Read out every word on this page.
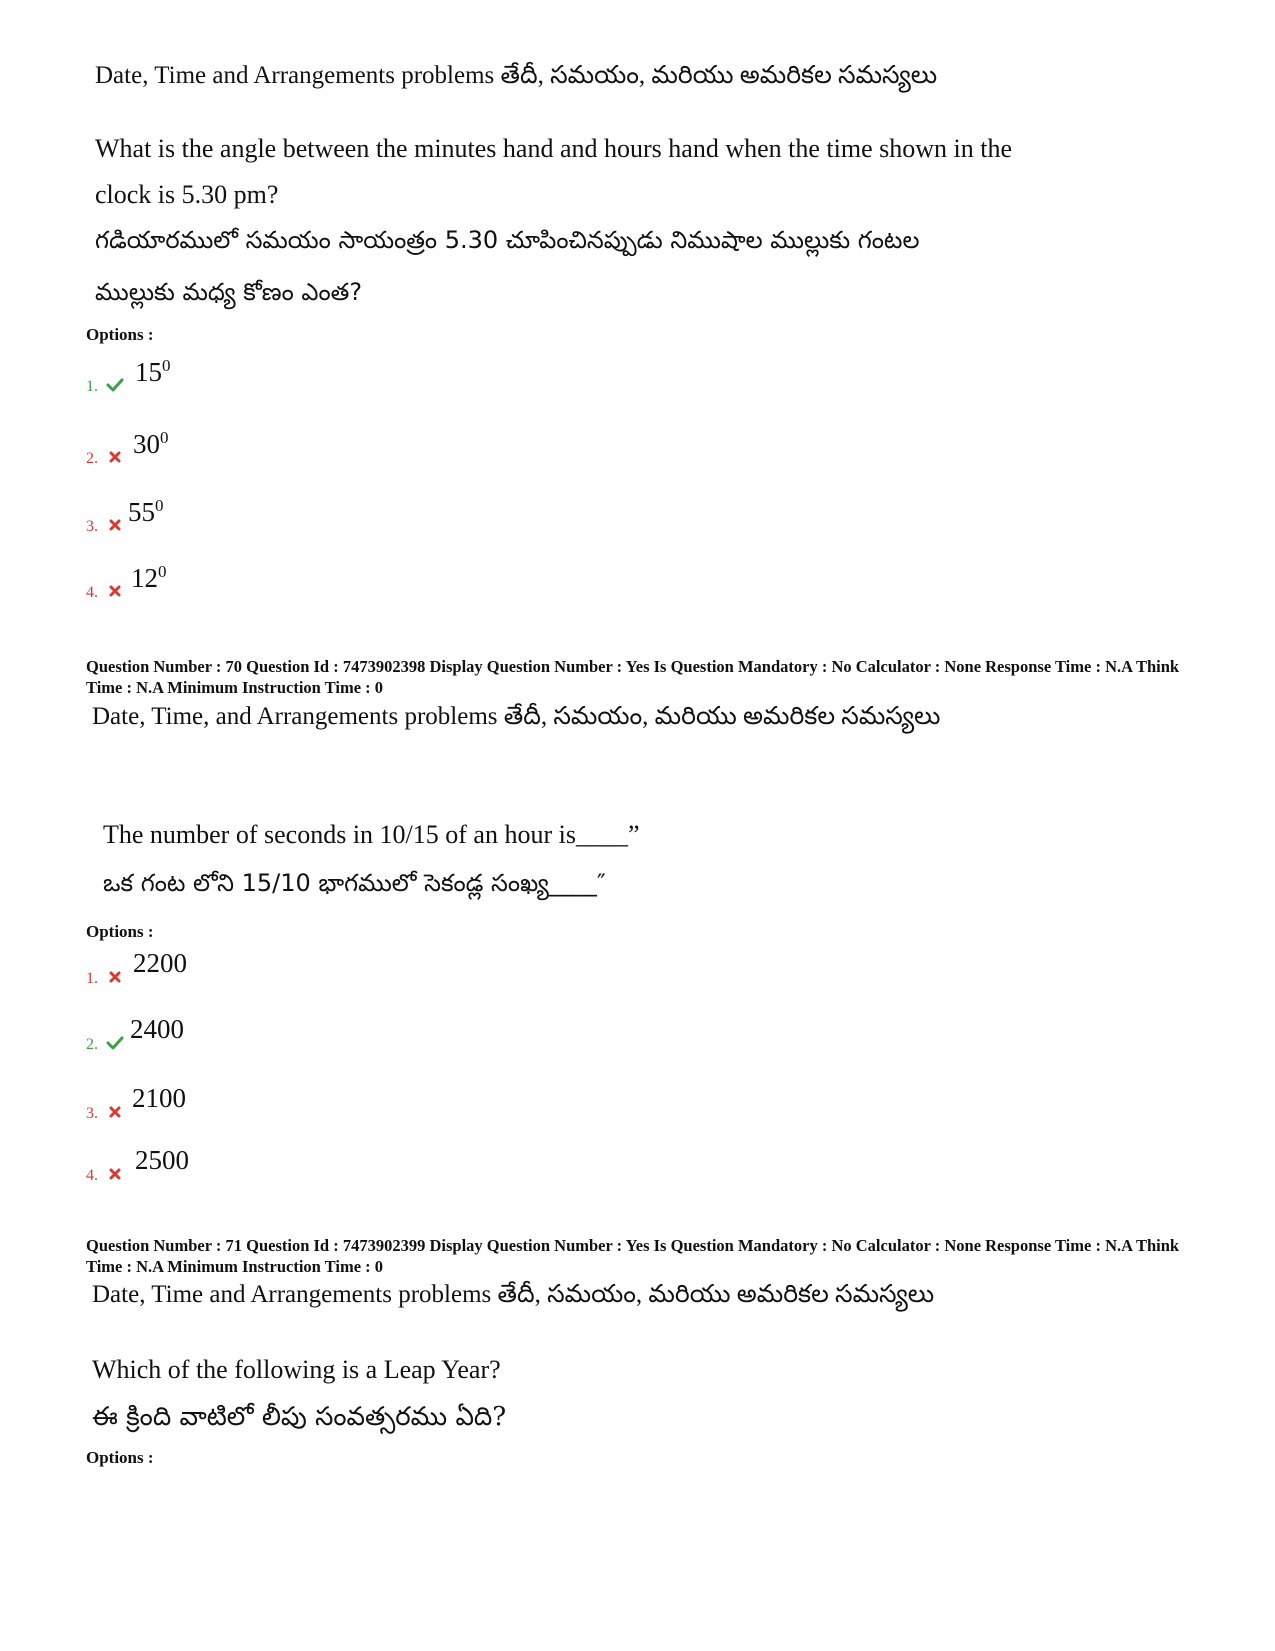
Date, Time and Arrangements problems తేదీ, సమయం, మరియు అమరికల సమస్యలు
What is the angle between the minutes hand and hours hand when the time shown in the
clock is 5.30 pm?
గడియారములో సమయం సాయంత్రం 5.30 చూపించినప్పుడు నిముషాల ముల్లుకు గంటల
ముల్లుకు మధ్య కోణం ఎంత?
Options :
1. $15^0$
2. $30^0$
3. $55^0$
4. $12^0$
Question Number : 70 Question Id : 7473902398 Display Question Number : Yes Is Question Mandatory : No Calculator : None Response Time : N.A Think Time : N.A Minimum Instruction Time : 0
Date, Time, and Arrangements problems తేదీ, సమయం, మరియు అమరికల సమస్యలు
The number of seconds in 10/15 of an hour is____”
ఒక గంట లోని 15/10 భాగములో సెకండ్ల సంఖ్య____″
Options :
1.
2200
2.
2400
3.
2100
4.
2500
Question Number : 71 Question Id : 7473902399 Display Question Number : Yes Is Question Mandatory : No Calculator : None Response Time : N.A Think Time : N.A Minimum Instruction Time : 0
Date, Time and Arrangements problems తేదీ, సమయం, మరియు అమరికల సమస్యలు
Which of the following is a Leap Year?
ఈ క్రింది వాటిలో లీపు సంవత్సరము ఏది?
Options :
